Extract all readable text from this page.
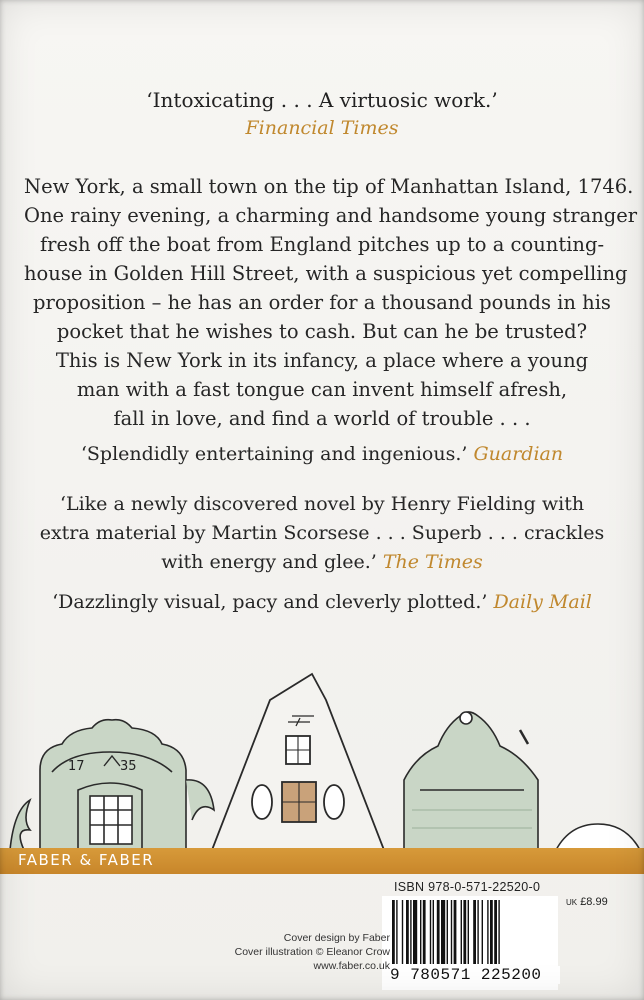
‘Intoxicating . . . A virtuosic work.’
Financial Times
New York, a small town on the tip of Manhattan Island, 1746.
One rainy evening, a charming and handsome young stranger
fresh off the boat from England pitches up to a counting-
house in Golden Hill Street, with a suspicious yet compelling
proposition – he has an order for a thousand pounds in his
pocket that he wishes to cash. But can he be trusted?
This is New York in its infancy, a place where a young
man with a fast tongue can invent himself afresh,
fall in love, and find a world of trouble . . .
‘Splendidly entertaining and ingenious.’ Guardian
‘Like a newly discovered novel by Henry Fielding with
extra material by Martin Scorsese . . . Superb . . . crackles
with energy and glee.’ The Times
‘Dazzlingly visual, pacy and cleverly plotted.’ Daily Mail
17	35
FABER & FABER
ISBN 978-0-571-22520-0
UK £8.99
9 780571 225200
Cover design by Faber
Cover illustration © Eleanor Crow
www.faber.co.uk
